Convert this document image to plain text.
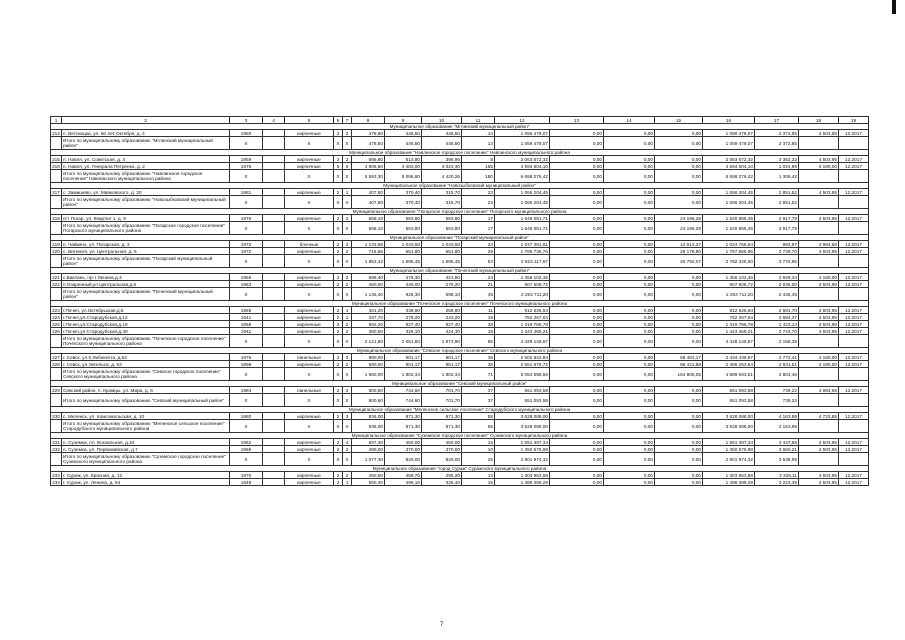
1	2	3	4	5	6	7	8	9	10	11	12	13	14	15	16	17	18	19
Муниципальное образование "Мглинский муниципальный район"																		
214	п. Ветлющка, ул. 60 лет Октября, д. 4	1960		кирпичные	2	2	478,50	446,50	446,50	13	1 059 478,07	0,00	0,00	0,00	1 059 478,07	2 372,85	4 503,95	12.2017
	Итого по муниципальному образованию "Мглинский муниципальный район"	X		X	X	X	478,50	446,50	446,50	13	1 059 478,07	0,00	0,00	0,00	1 059 478,07	2 372,85		
Муниципальное образование "Навлинское городское поселение" Навлинского муниципального района																		
215	п. Навля, ул. Советская, д. 3	1959		кирпичные	2	2	686,80	613,80	396,96	8	2 063 672,32	0,00	0,00	0,00	2 063 672,32	3 362,22	4 503,95	12.2017
216	п. Навля, ул. Генерала Петренко, д. 2	1976		кирпичные	5	6	4 906,50	4 483,00	4 023,30	165	4 594 604,10	0,00	0,00	0,00	4 594 604,10	1 024,89	4 180,00	12.2017
	Итого по муниципальному образованию "Навлинское городское поселение" Навлинского муниципального района	X		X	X	X	5 593,30	5 096,80	4 420,26	180	6 658 276,42	0,00	0,00	0,00	6 658 276,42	1 306,42		
Муниципальное образование "Новозыбковский муниципальный район"																		
217	с. Замишево, ул. Маяковского, д. 20	1981		кирпичные	2	1	407,50	370,40	315,70	23	1 066 204,45	0,00	0,00	0,00	1 066 204,45	2 851,52	4 503,95	12.2017
	Итого по муниципальному образованию "Новозыбковский муниципальный район"	X		X	X	X	407,50	370,40	315,70	23	1 066 204,45	0,00	0,00	0,00	1 066 204,45	2 851,52		
Муниципальное образование "Погарское городское поселение" Погарского муниципального района																		
218	пгт Погар, ул. Квартал 1, д. 9	1976		кирпичные	2	2	658,10	563,80	563,80	17	1 645 051,71	0,00	0,00	24 196,28	1 620 855,45	2 917,79	4 503,95	12.2017
	Итого по муниципальному образованию "Погарское городское поселение" Погарского муниципального района	X		X	X	X	658,10	563,80	563,80	17	1 645 051,71	0,00	0,00	24 196,28	1 620 855,45	2 917,79		
Муниципальное образование "Погарский муниципальный район"																		
219	п. Чайкино, ул. Погарская, д. 3	1972		блочные	2	3	1 133,56	1 043,68	1 043,68	24	1 037 381,81	0,00	0,00	12 613,27	1 024 768,54	993,97	4 984,65	12.2017
220	с. Витемля, ул. Центральная, д. 5	1972		кирпичные	2	2	718,86	651,80	651,80	29	1 785 736,76	0,00	0,00	28 178,80	1 757 556,96	2 739,70	4 503,95	12.2017
	Итого по муниципальному образованию "Погарский муниципальный район"	X		X	X	X	1 852,42	1 695,48	1 695,48	53	2 823 117,67	0,00	0,00	40 792,07	2 782 325,50	3 733,96		
Муниципальное образование "Почепский муниципальный район"																		
221	с.Баклань, пр-т Ленина,д.3	1965		кирпичные	2	2	686,40	479,30	421,90	24	1 356 102,46	0,00	0,00	0,00	1 356 102,46	2 829,34	4 180,00	12.2017
222	п.Озаренный,ул.Центральная,д.6	1963		кирпичные	2	2	460,00	446,00	276,20	21	907 608,72	0,00	0,00	0,00	907 608,72	2 035,00	4 503,95	12.2017
	Итого по муниципальному образованию "Почепский муниципальный район"	X		X	X	X	1 146,40	925,30	698,10	45	2 263 711,20	0,00	0,00	0,00	2 263 711,20	2 446,45		
Муниципальное образование "Почепское городское поселение" Почепского муниципального района																		
223	г.Почеп, ул.Октябрьская,д.5	1959		кирпичные	2	1	401,20	338,90	268,90	11	912 626,64	0,00	0,00	0,00	912 626,64	2 691,70	4 503,95	12.2017
224	г.Почеп,ул.Стародубская,д.12	1941		кирпичные	2	1	347,70	279,20	243,20	19	752 267,04	0,00	0,00	0,00	752 267,04	2 694,37	4 503,95	12.2017
225	г.Почеп,ул.Стародубская,д.18	1958		кирпичные	3	2	992,20	927,40	927,40	38	1 319 786,78	0,00	0,00	0,00	1 319 786,78	1 423,13	4 503,95	12.2017
226	г.Почеп,ул.Стародубская,д.40	1941		кирпичные	2	2	380,50	326,10	424,30	18	1 443 469,21	0,00	0,00	0,00	1 443 469,21	2 743,70	4 503,95	12.2017
	Итого по муниципальному образованию "Почепское городское поселение" Почепского муниципального района	X		X	X	X	2 121,60	2 051,60	1 873,90	86	4 428 149,67	0,00	0,00	0,00	4 428 149,67	2 158,39		
Муниципальное образование "Севское городское поселение" Севского муниципального района																		
227	г. Севск, ул.К.Либкнехта, д.62	1976		панельные	2	3	980,00	901,17	901,17	36	2 502 822,84	0,00	0,00	68 483,17	2 434 439,67	2 772,41	4 180,00	12.2017
228	г. Севск, ул.Энгельса, д. 53	1999		кирпичные	2	2	580,00	901,17	951,17	36	2 551 675,72	0,00	0,00	96 421,88	2 455 253,84	2 831,51	4 180,00	12.2017
	Итого по муниципальному образованию "Севское городское поселение" Севского муниципального района	X		X	X	X	1 960,00	1 802,34	1 802,34	71	5 054 598,56	0,00	0,00	164 905,05	4 889 693,51	2 804,46		
Муниципальное образование "Севский муниципальный район"																		
229	Севский район, п. Кромцы, ул. Мира, д. 5	1984		панельные	2	2	800,60	744,60	701,70	37	551 093,58	0,00	0,00	0,00	551 093,58	739,22	4 984,65	12.2017
	Итого по муниципальному образованию "Севский муниципальный район"	X		X	X	X	800,60	744,60	701,70	37	551 093,58	0,00	0,00	0,00	551 093,58	739,22		
Муниципальное образование "Меленское сельское поселение" Стародубского муниципального района																		
230	с. Меленск, ул. Комсомольская, д. 10	1980		кирпичные	2	3	936,00	871,30	871,30	55	3 628 088,00	0,00	0,00	0,00	3 628 088,00	4 163,99	4 733,85	12.2017
	Итого по муниципальному образованию "Меленское сельское поселение" Стародубского муниципального района	X		X	X	X	936,00	871,30	871,30	55	3 628 088,00	0,00	0,00	0,00	3 628 088,00	4 163,99		
Муниципальное образование "Суземское городское поселение" Суземского муниципального района																		
231	п. Суземка, пл. Вокзальная, д.24	1962		кирпичные	2	4	597,30	450,00	450,00	15	1 551 397,34	0,00	0,00	0,00	1 551 397,34	3 447,55	4 503,95	12.2017
232	п. Суземка, ул. Первомайская, д.7	1969		кирпичные	2	2	480,00	370,00	370,00	10	1 350 576,98	0,00	0,00	0,00	1 350 576,98	3 650,21	4 503,95	12.2017
	Итого по муниципальному образованию "Суземское городское поселение" Суземского муниципального района	X		X	X	X	1 077,30	820,00	820,00	25	2 901 974,32	0,00	0,00	0,00	2 901 974,32	3 538,99		
Муниципальное образование "город Сураж" Суражского муниципального района																		
233	г. Сураж, ул. Красная, д. 12	1970		кирпичные	2	2	460,50	459,70	295,20	13	1 303 963,58	0,00	0,00	0,00	1 303 963,58	3 328,11	4 503,95	12.2017
234	г. Сураж, ул. Ленина, д. 54	1948		кирпичные	2	1	550,30	496,10	326,40	15	1 488 399,29	0,00	0,00	0,00	1 488 399,29	3 223,39	4 503,95	12.2017
7
